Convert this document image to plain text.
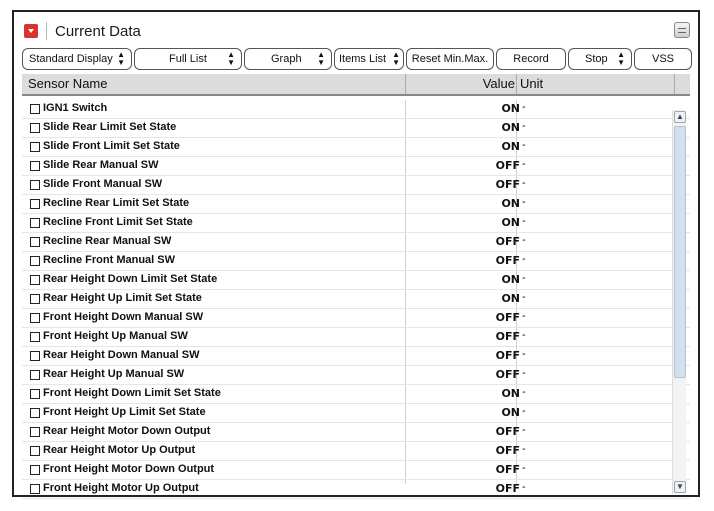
Current Data
Standard Display ▲
▼	Full List	▲
▼	Graph ▲
▼ Items List ▲
▼	Reset Min.Max.	Record	Stop ▲
▼	VSS
Sensor Name	Value Unit
IGN1 Switch	ON -
Slide Rear Limit Set State	ON -
Slide Front Limit Set State	ON -
Slide Rear Manual SW	OFF -
Slide Front Manual SW	OFF -
Recline Rear Limit Set State	ON -
Recline Front Limit Set State	ON -
Recline Rear Manual SW	OFF -
Recline Front Manual SW	OFF -
Rear Height Down Limit Set State	ON -
Rear Height Up Limit Set State	ON -
Front Height Down Manual SW	OFF -
Front Height Up Manual SW	OFF -
Rear Height Down Manual SW	OFF -
Rear Height Up Manual SW	OFF -
Front Height Down Limit Set State	ON -
Front Height Up Limit Set State	ON -
Rear Height Motor Down Output	OFF -
Rear Height Motor Up Output	OFF -
Front Height Motor Down Output	OFF -
Front Height Motor Up Output	OFF -
▲
▼
